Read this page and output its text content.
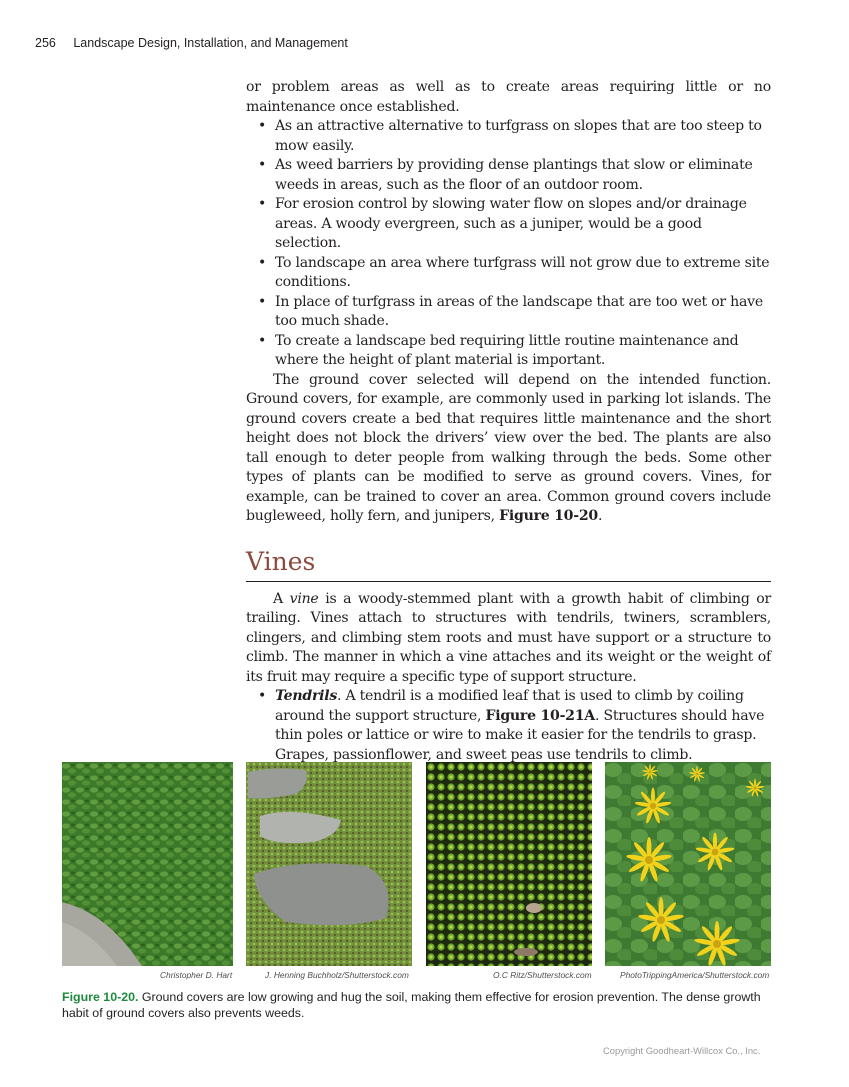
256 Landscape Design, Installation, and Management

or problem areas as well as to create areas requiring little or no maintenance once established.

• As an attractive alternative to turfgrass on slopes that are too steep to mow easily.
• As weed barriers by providing dense plantings that slow or eliminate weeds in areas, such as the floor of an outdoor room.
• For erosion control by slowing water flow on slopes and/or drainage areas. A woody evergreen, such as a juniper, would be a good selection.
• To landscape an area where turfgrass will not grow due to extreme site conditions.
• In place of turfgrass in areas of the landscape that are too wet or have too much shade.
• To create a landscape bed requiring little routine maintenance and where the height of plant material is important.

The ground cover selected will depend on the intended function. Ground covers, for example, are commonly used in parking lot islands. The ground covers create a bed that requires little maintenance and the short height does not block the drivers’ view over the bed. The plants are also tall enough to deter people from walking through the beds. Some other types of plants can be modified to serve as ground covers. Vines, for example, can be trained to cover an area. Common ground covers include bugleweed, holly fern, and junipers, Figure 10-20.

Vines

A vine is a woody-stemmed plant with a growth habit of climbing or trailing. Vines attach to structures with tendrils, twiners, scramblers, clingers, and climbing stem roots and must have support or a structure to climb. The manner in which a vine attaches and its weight or the weight of its fruit may require a specific type of support structure.

• Tendrils. A tendril is a modified leaf that is used to climb by coiling around the support structure, Figure 10-21A. Structures should have thin poles or lattice or wire to make it easier for the tendrils to grasp. Grapes, passionflower, and sweet peas use tendrils to climb.
Christopher D. Hart	J. Henning Buchholz/Shutterstock.com	O.C Ritz/Shutterstock.com	PhotoTrippingAmerica/Shutterstock.com
Figure 10-20. Ground covers are low growing and hug the soil, making them effective for erosion prevention. The dense growth habit of ground covers also prevents weeds.
Copyright Goodheart-Willcox Co., Inc.
